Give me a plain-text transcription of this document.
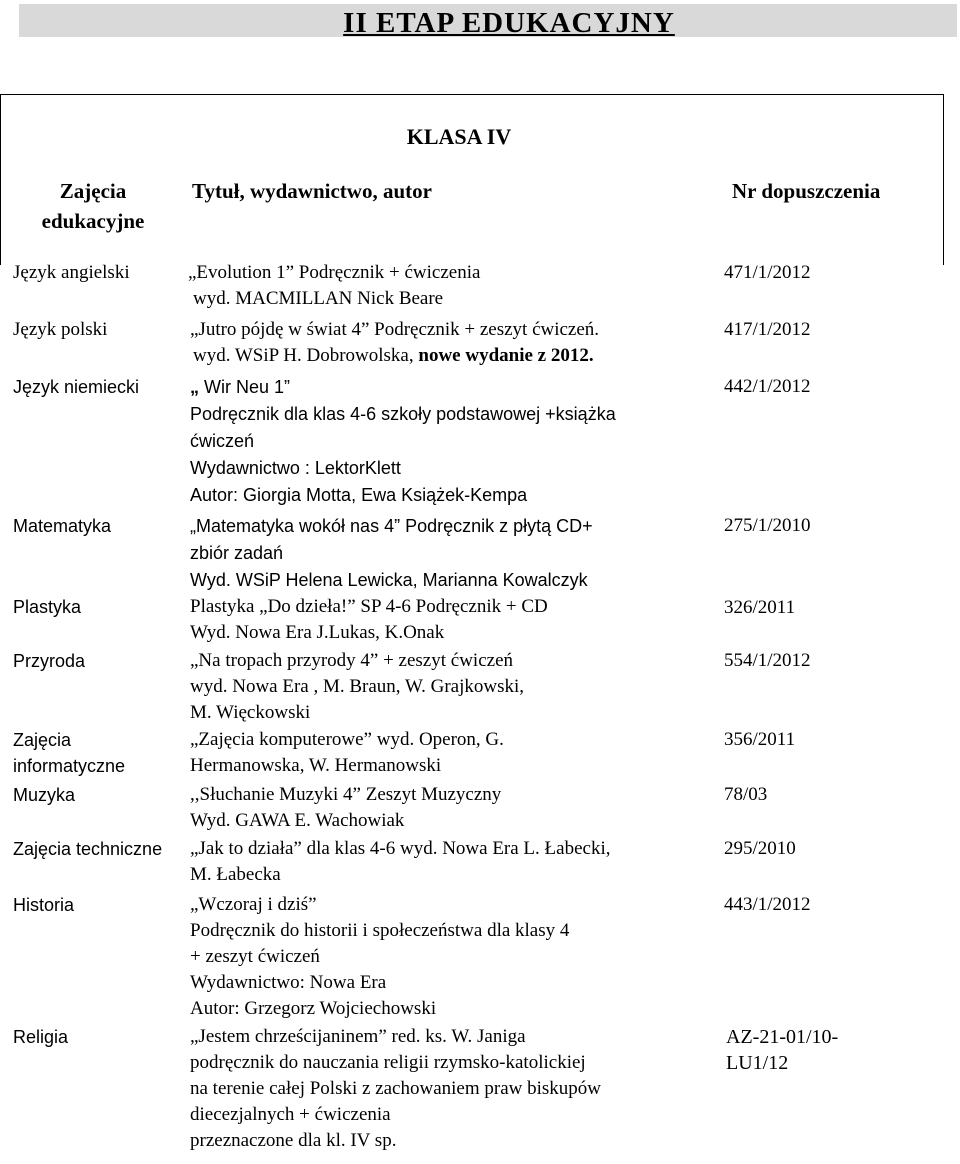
II ETAP EDUKACYJNY
KLASA IV
Zajęcia edukacyjne
Tytuł, wydawnictwo, autor	Nr dopuszczenia
Język angielski	„Evolution 1” Podręcznik + ćwiczenia
wyd. MACMILLAN Nick Beare
471/1/2012
Język polski	„Jutro pójdę w świat 4” Podręcznik + zeszyt ćwiczeń.
wyd. WSiP H. Dobrowolska, nowe wydanie z 2012.
417/1/2012
Język niemiecki	„ Wir Neu 1”
Podręcznik dla klas 4-6 szkoły podstawowej +książka
ćwiczeń
Wydawnictwo : LektorKlett
Autor: Giorgia Motta, Ewa Książek-Kempa
442/1/2012
Matematyka	„Matematyka wokół nas 4” Podręcznik z płytą CD+
zbiór zadań
Wyd. WSiP Helena Lewicka, Marianna Kowalczyk
275/1/2010
Plastyka	Plastyka „Do dzieła!” SP 4-6 Podręcznik + CD
Wyd. Nowa Era J.Lukas, K.Onak
326/2011
Przyroda	„Na tropach przyrody 4” + zeszyt ćwiczeń
wyd. Nowa Era , M. Braun, W. Grajkowski,
M. Więckowski
554/1/2012
Zajęcia informatyczne
„Zajęcia komputerowe” wyd. Operon, G.
Hermanowska, W. Hermanowski
356/2011
Muzyka	,,Słuchanie Muzyki 4” Zeszyt Muzyczny
Wyd. GAWA E. Wachowiak
78/03
Zajęcia techniczne	„Jak to działa” dla klas 4-6 wyd. Nowa Era L. Łabecki,
M. Łabecka
295/2010
Historia	„Wczoraj i dziś”
Podręcznik do historii i społeczeństwa dla klasy 4
+ zeszyt ćwiczeń
Wydawnictwo: Nowa Era
Autor: Grzegorz Wojciechowski
443/1/2012
Religia	„Jestem chrześcijaninem” red. ks. W. Janiga
podręcznik do nauczania religii rzymsko-katolickiej
na terenie całej Polski z zachowaniem praw biskupów
diecezjalnych + ćwiczenia
przeznaczone dla kl. IV sp.
AZ-21-01/10-
LU1/12
